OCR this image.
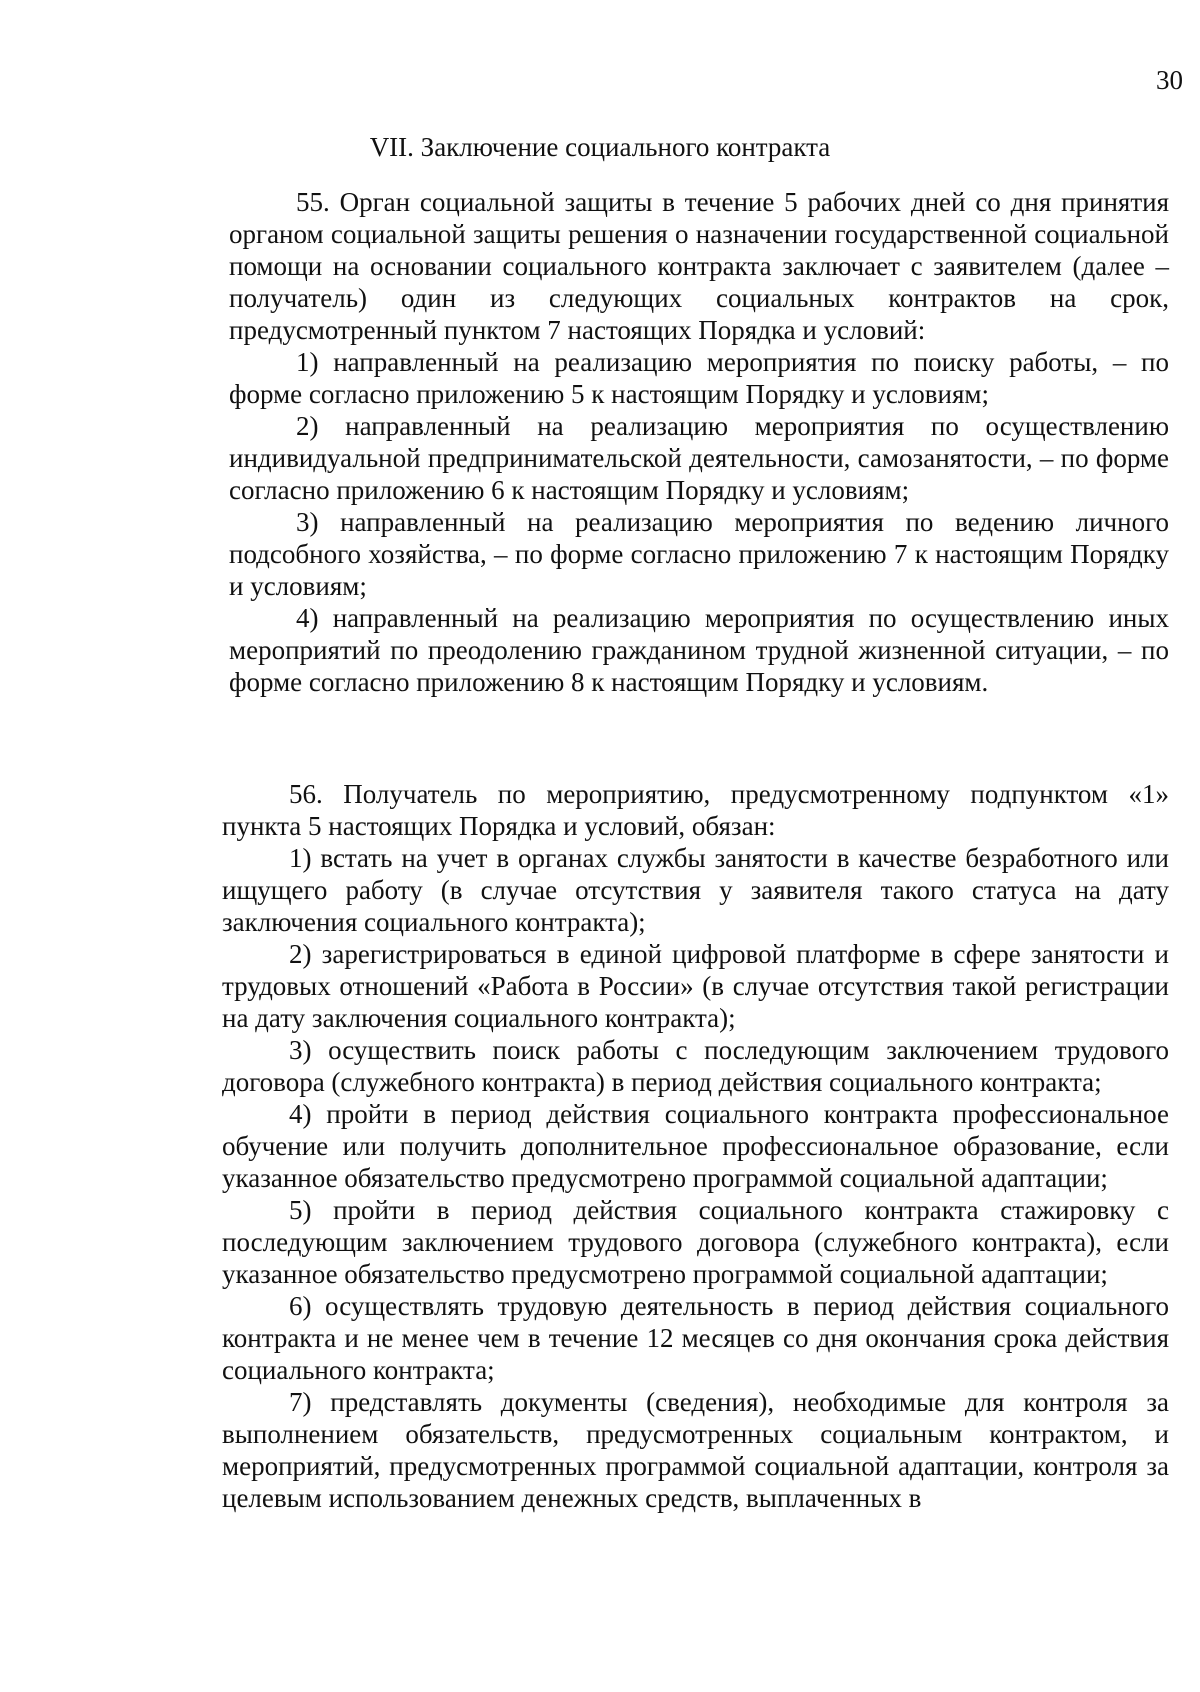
30
VII. Заключение социального контракта

55. Орган социальной защиты в течение 5 рабочих дней со дня принятия органом социальной защиты решения о назначении государственной социальной помощи на основании социального контракта заключает с заявителем (далее – получатель) один из следующих социальных контрактов на срок, предусмотренный пунктом 7 настоящих Порядка и условий:

1) направленный на реализацию мероприятия по поиску работы, – по форме согласно приложению 5 к настоящим Порядку и условиям;

2) направленный на реализацию мероприятия по осуществлению индивидуальной предпринимательской деятельности, самозанятости, – по форме согласно приложению 6 к настоящим Порядку и условиям;

3) направленный на реализацию мероприятия по ведению личного подсобного хозяйства, – по форме согласно приложению 7 к настоящим Порядку и условиям;

4) направленный на реализацию мероприятия по осуществлению иных мероприятий по преодолению гражданином трудной жизненной ситуации, – по форме согласно приложению 8 к настоящим Порядку и условиям.

56. Получатель по мероприятию, предусмотренному подпунктом «1» пункта 5 настоящих Порядка и условий, обязан:

1) встать на учет в органах службы занятости в качестве безработного или ищущего работу (в случае отсутствия у заявителя такого статуса на дату заключения социального контракта);

2) зарегистрироваться в единой цифровой платформе в сфере занятости и трудовых отношений «Работа в России» (в случае отсутствия такой регистрации на дату заключения социального контракта);

3) осуществить поиск работы с последующим заключением трудового договора (служебного контракта) в период действия социального контракта;

4) пройти в период действия социального контракта профессиональное обучение или получить дополнительное профессиональное образование, если указанное обязательство предусмотрено программой социальной адаптации;

5) пройти в период действия социального контракта стажировку с последующим заключением трудового договора (служебного контракта), если указанное обязательство предусмотрено программой социальной адаптации;

6) осуществлять трудовую деятельность в период действия социального контракта и не менее чем в течение 12 месяцев со дня окончания срока действия социального контракта;

7) представлять документы (сведения), необходимые для контроля за выполнением обязательств, предусмотренных социальным контрактом, и мероприятий, предусмотренных программой социальной адаптации, контроля за целевым использованием денежных средств, выплаченных в
